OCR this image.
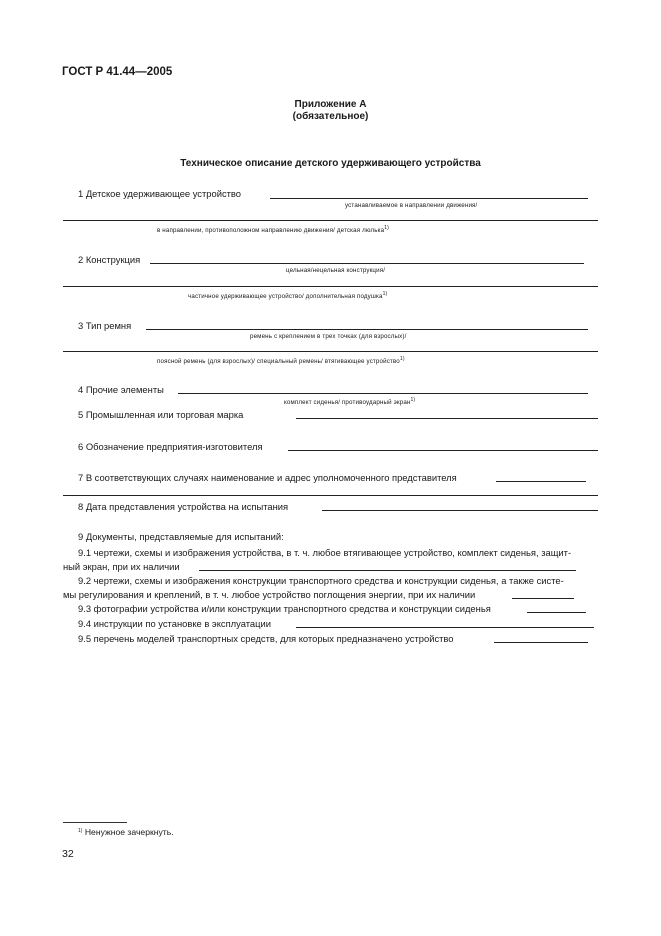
ГОСТ Р 41.44—2005
Приложение А
(обязательное)
Техническое описание детского удерживающего устройства
1 Детское удерживающее устройство
устанавливаемое в направлении движения/
в направлении, противоположном направлению движения/ детская люлька$^{1)}$
2 Конструкция
цельная/нецельная конструкция/
частичное удерживающее устройство/ дополнительная подушка$^{1)}$
3 Тип ремня
ремень с креплением в трех точках (для взрослых)/
поясной ремень (для взрослых)/ специальный ремень/ втягивающее устройство$^{1)}$
4 Прочие элементы
комплект сиденья/ противоударный экран$^{1)}$
5 Промышленная или торговая марка
6 Обозначение предприятия-изготовителя
7 В соответствующих случаях наименование и адрес уполномоченного представителя
8 Дата представления устройства на испытания
9 Документы, представляемые для испытаний:
9.1 чертежи, схемы и изображения устройства, в т. ч. любое втягивающее устройство, комплект сиденья, защит-
ный экран, при их наличии
9.2 чертежи, схемы и изображения конструкции транспортного средства и конструкции сиденья, а также систе-
мы регулирования и креплений, в т. ч. любое устройство поглощения энергии, при их наличии
9.3 фотографии устройства и/или конструкции транспортного средства и конструкции сиденья
9.4 инструкции по установке в эксплуатации
9.5 перечень моделей транспортных средств, для которых предназначено устройство
$^{1)}$ Ненужное зачеркнуть.
32
